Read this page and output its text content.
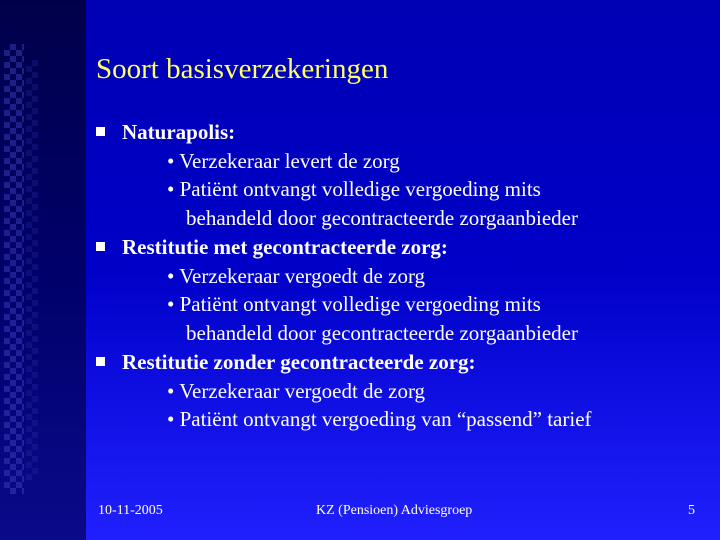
Soort basisverzekeringen
Naturapolis:
• Verzekeraar levert de zorg
• Patiënt ontvangt volledige vergoeding mits
behandeld door gecontracteerde zorgaanbieder
Restitutie met gecontracteerde zorg:
• Verzekeraar vergoedt de zorg
• Patiënt ontvangt volledige vergoeding mits
behandeld door gecontracteerde zorgaanbieder
Restitutie zonder gecontracteerde zorg:
• Verzekeraar vergoedt de zorg
• Patiënt ontvangt vergoeding van “passend” tarief
10-11-2005	KZ (Pensioen) Adviesgroep	5
